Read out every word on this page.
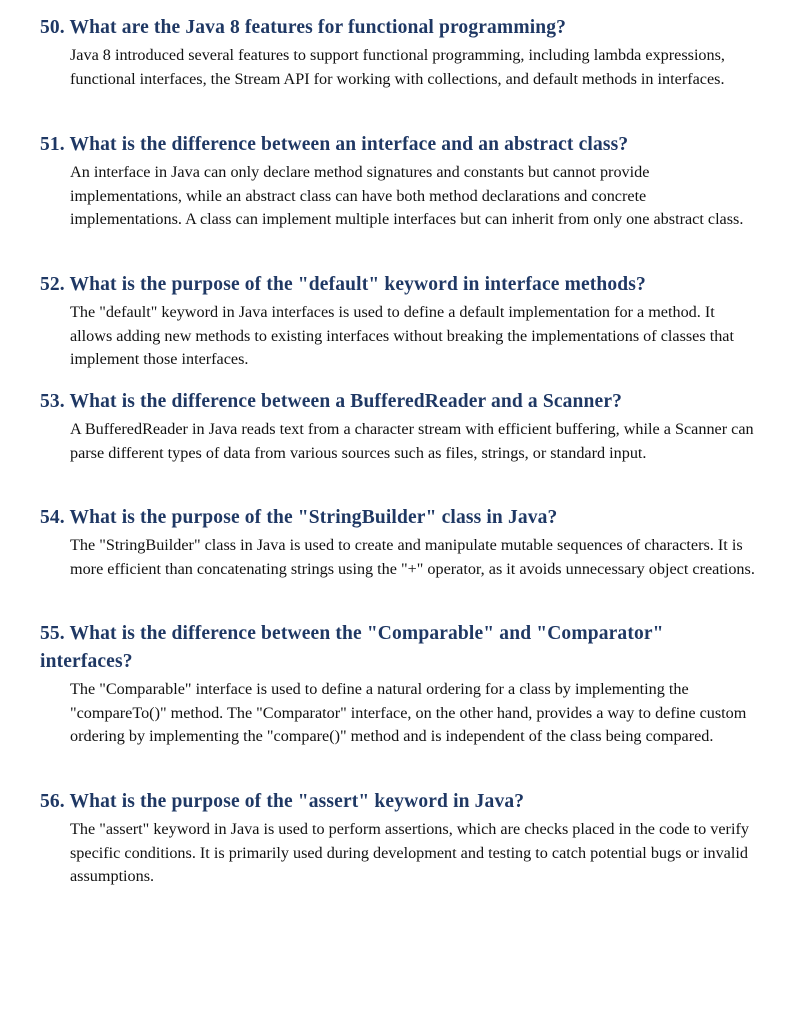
50. What are the Java 8 features for functional programming?

Java 8 introduced several features to support functional programming, including lambda expressions, functional interfaces, the Stream API for working with collections, and default methods in interfaces.

51. What is the difference between an interface and an abstract class?

An interface in Java can only declare method signatures and constants but cannot provide implementations, while an abstract class can have both method declarations and concrete implementations. A class can implement multiple interfaces but can inherit from only one abstract class.

52. What is the purpose of the "default" keyword in interface methods?

The "default" keyword in Java interfaces is used to define a default implementation for a method. It allows adding new methods to existing interfaces without breaking the implementations of classes that implement those interfaces.

53. What is the difference between a BufferedReader and a Scanner?

A BufferedReader in Java reads text from a character stream with efficient buffering, while a Scanner can parse different types of data from various sources such as files, strings, or standard input.

54. What is the purpose of the "StringBuilder" class in Java?

The "StringBuilder" class in Java is used to create and manipulate mutable sequences of characters. It is more efficient than concatenating strings using the "+" operator, as it avoids unnecessary object creations.

55. What is the difference between the "Comparable" and "Comparator" interfaces?

The "Comparable" interface is used to define a natural ordering for a class by implementing the "compareTo()" method. The "Comparator" interface, on the other hand, provides a way to define custom ordering by implementing the "compare()" method and is independent of the class being compared.

56. What is the purpose of the "assert" keyword in Java?

The "assert" keyword in Java is used to perform assertions, which are checks placed in the code to verify specific conditions. It is primarily used during development and testing to catch potential bugs or invalid assumptions.
